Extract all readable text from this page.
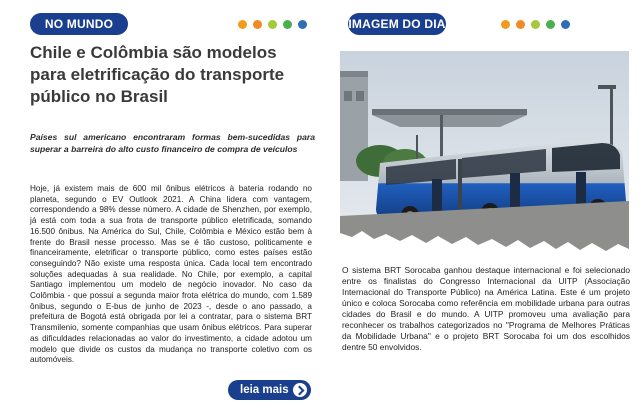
NO MUNDO
Chile e Colômbia são modelos para eletrificação do transporte público no Brasil

Países sul americano encontraram formas bem-sucedidas para superar a barreira do alto custo financeiro de compra de veículos

Hoje, já existem mais de 600 mil ônibus elétricos à bateria rodando no planeta, segundo o EV Outlook 2021. A China lidera com vantagem, correspondendo a 98% desse número. A cidade de Shenzhen, por exemplo, já está com toda a sua frota de transporte público eletrificada, somando 16.500 ônibus. Na América do Sul, Chile, Colômbia e México estão bem à frente do Brasil nesse processo. Mas se é tão custoso, politicamente e financeiramente, eletrificar o transporte público, como estes países estão conseguindo? Não existe uma resposta única. Cada local tem encontrado soluções adequadas à sua realidade. No Chile, por exemplo, a capital Santiago implementou um modelo de negócio inovador. No caso da Colômbia - que possui a segunda maior frota elétrica do mundo, com 1.589 ônibus, segundo o E-bus de junho de 2023 -, desde o ano passado, a prefeitura de Bogotá está obrigada por lei a contratar, para o sistema BRT Transmilenio, somente companhias que usam ônibus elétricos. Para superar as dificuldades relacionadas ao valor do investimento, a cidade adotou um modelo que divide os custos da mudança no transporte coletivo com os automóveis.

leia mais
IMAGEM DO DIA

O sistema BRT Sorocaba ganhou destaque internacional e foi selecionado entre os finalistas do Congresso Internacional da UITP (Associação Internacional do Transporte Público) na América Latina. Este é um projeto único e coloca Sorocaba como referência em mobilidade urbana para outras cidades do Brasil e do mundo. A UITP promoveu uma avaliação para reconhecer os trabalhos categorizados no "Programa de Melhores Práticas da Mobilidade Urbana" e o projeto BRT Sorocaba foi um dos escolhidos dentre 50 envolvidos.
